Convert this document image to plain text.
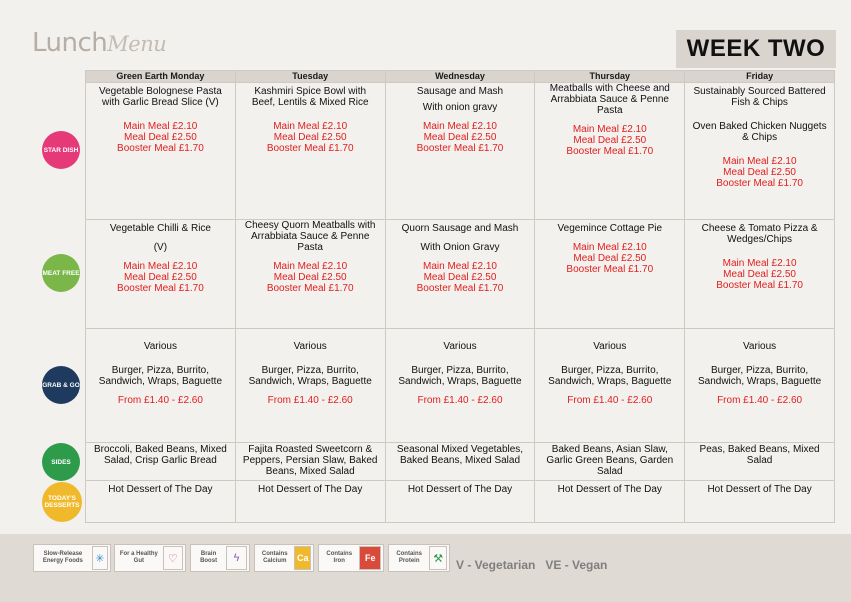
LunchMenu	WEEK TWO
STAR DISH
MEAT FREE
GRAB & GO
SIDES
TODAY'S DESSERTS
Green Earth Monday	Tuesday	Wednesday	Thursday	Friday
Vegetable Bolognese Pasta with Garlic Bread Slice (V)
Main Meal £2.10
Meal Deal £2.50
Booster Meal £1.70	Kashmiri Spice Bowl with Beef, Lentils & Mixed Rice
Main Meal £2.10
Meal Deal £2.50
Booster Meal £1.70	Sausage and Mash
With onion gravy
Main Meal £2.10
Meal Deal £2.50
Booster Meal £1.70	Meatballs with Cheese and Arrabbiata Sauce & Penne Pasta
Main Meal £2.10
Meal Deal £2.50
Booster Meal £1.70	Sustainably Sourced Battered Fish & Chips
Oven Baked Chicken Nuggets & Chips
Main Meal £2.10
Meal Deal £2.50
Booster Meal £1.70

Vegetable Chilli & Rice
(V)
Main Meal £2.10
Meal Deal £2.50
Booster Meal £1.70	Cheesy Quorn Meatballs with Arrabbiata Sauce & Penne Pasta
Main Meal £2.10
Meal Deal £2.50
Booster Meal £1.70	Quorn Sausage and Mash
With Onion Gravy
Main Meal £2.10
Meal Deal £2.50
Booster Meal £1.70	Vegemince Cottage Pie
Main Meal £2.10
Meal Deal £2.50
Booster Meal £1.70	Cheese & Tomato Pizza & Wedges/Chips
Main Meal £2.10
Meal Deal £2.50
Booster Meal £1.70

Various
Burger, Pizza, Burrito, Sandwich, Wraps, Baguette
From £1.40 - £2.60	Various
Burger, Pizza, Burrito, Sandwich, Wraps, Baguette
From £1.40 - £2.60	Various
Burger, Pizza, Burrito, Sandwich, Wraps, Baguette
From £1.40 - £2.60	Various
Burger, Pizza, Burrito, Sandwich, Wraps, Baguette
From £1.40 - £2.60	Various
Burger, Pizza, Burrito, Sandwich, Wraps, Baguette
From £1.40 - £2.60

Broccoli, Baked Beans, Mixed Salad, Crisp Garlic Bread	Fajita Roasted Sweetcorn & Peppers, Persian Slaw, Baked Beans, Mixed Salad	Seasonal Mixed Vegetables, Baked Beans, Mixed Salad	Baked Beans, Asian Slaw, Garlic Green Beans, Garden Salad	Peas, Baked Beans, Mixed Salad
Hot Dessert of The Day	Hot Dessert of The Day	Hot Dessert of The Day	Hot Dessert of The Day	Hot Dessert of The Day
Slow-Release Energy Foods	✳	For a Healthy Gut	♡	Brain Boost	ϟ	Contains Calcium	Ca	Contains Iron	Fe	Contains Protein	⚒	V - Vegetarian   VE - Vegan
